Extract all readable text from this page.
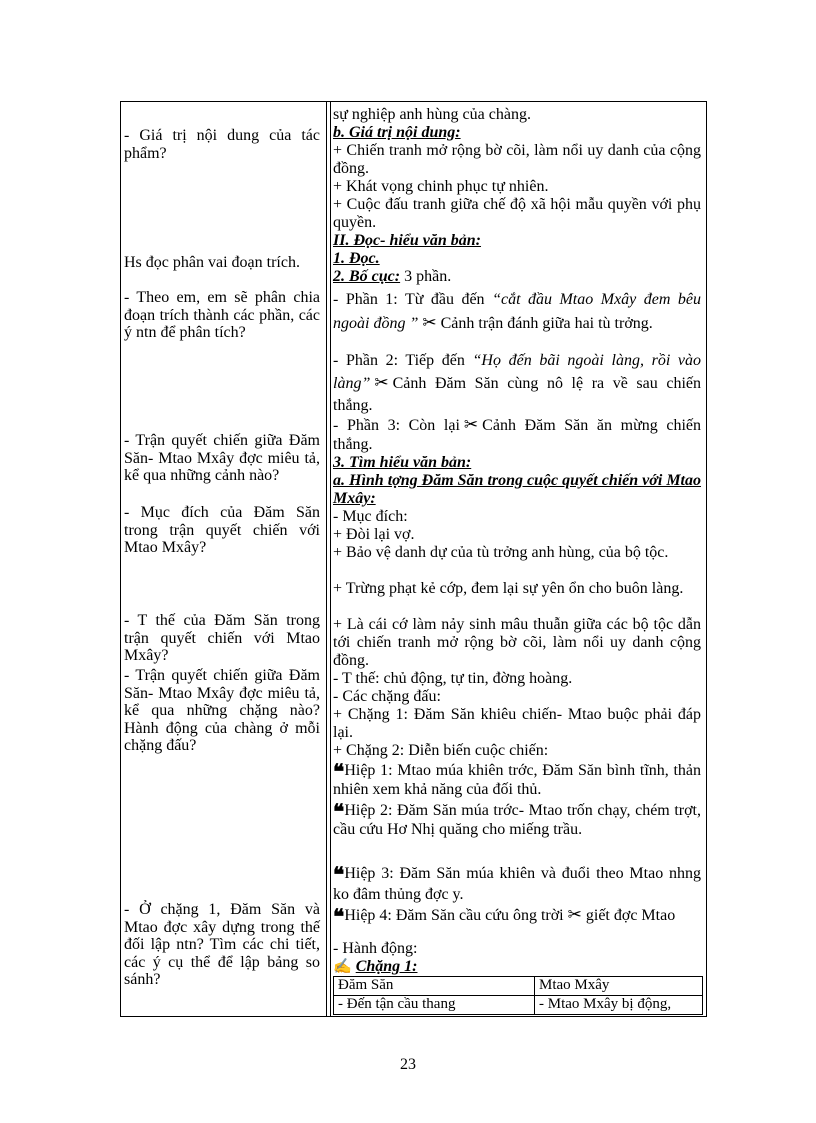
- Giá trị nội dung của tác phẩm?
Hs đọc phân vai đoạn trích.
- Theo em, em sẽ phân chia đoạn trích thành các phần, các ý ntn để phân tích?
- Trận quyết chiến giữa Đăm Săn- Mtao Mxây đợc miêu tả, kể qua những cảnh nào?
- Mục đích của Đăm Săn trong trận quyết chiến với Mtao Mxây?
- T thế của Đăm Săn trong trận quyết chiến với Mtao Mxây?
- Trận quyết chiến giữa Đăm Săn- Mtao Mxây đợc miêu tả, kể qua những chặng nào? Hành động của chàng ở mỗi chặng đấu?
- Ở chặng 1, Đăm Săn và Mtao đợc xây dựng trong thế đối lập ntn? Tìm các chi tiết, các ý cụ thể để lập bảng so sánh?
sự nghiệp anh hùng của chàng.
b. Giá trị nội dung:
+ Chiến tranh mở rộng bờ cõi, làm nổi uy danh của cộng đồng.
+ Khát vọng chinh phục tự nhiên.
+ Cuộc đấu tranh giữa chế độ xã hội mẫu quyền với phụ quyền.
II. Đọc- hiểu văn bản:
1. Đọc.
2. Bố cục: 3 phần.
- Phần 1: Từ đầu đến “cắt đầu Mtao Mxây đem bêu ngoài đồng ” ✂ Cảnh trận đánh giữa hai tù trởng.
- Phần 2: Tiếp đến “Họ đến bãi ngoài làng, rồi vào làng” ✂ Cảnh Đăm Săn cùng nô lệ ra về sau chiến thắng.
- Phần 3: Còn lại ✂ Cảnh Đăm Săn ăn mừng chiến thắng.
3. Tìm hiểu văn bản:
a. Hình tợng Đăm Săn trong cuộc quyết chiến với Mtao Mxây:
- Mục đích:
+ Đòi lại vợ.
+ Bảo vệ danh dự của tù trởng anh hùng, của bộ tộc.
+ Trừng phạt kẻ cớp, đem lại sự yên ổn cho buôn làng.
+ Là cái cớ làm nảy sinh mâu thuẫn giữa các bộ tộc dẫn tới chiến tranh mở rộng bờ cõi, làm nổi uy danh cộng đồng.
- T thế: chủ động, tự tin, đờng hoàng.
- Các chặng đấu:
+ Chặng 1: Đăm Săn khiêu chiến- Mtao buộc phải đáp lại.
+ Chặng 2: Diễn biến cuộc chiến:
❝Hiệp 1: Mtao múa khiên trớc, Đăm Săn bình tĩnh, thản nhiên xem khả năng của đối thủ.
❝Hiệp 2: Đăm Săn múa trớc- Mtao trốn chạy, chém trợt, cầu cứu Hơ Nhị quăng cho miếng trầu.
❝Hiệp 3: Đăm Săn múa khiên và đuổi theo Mtao nhng ko đâm thủng đợc y.
❝Hiệp 4: Đăm Săn cầu cứu ông trời ✂ giết đợc Mtao
- Hành động:
✍ Chặng 1:
Đăm Săn	Mtao Mxây
- Đến tận cầu thang	- Mtao Mxây bị động,
23
